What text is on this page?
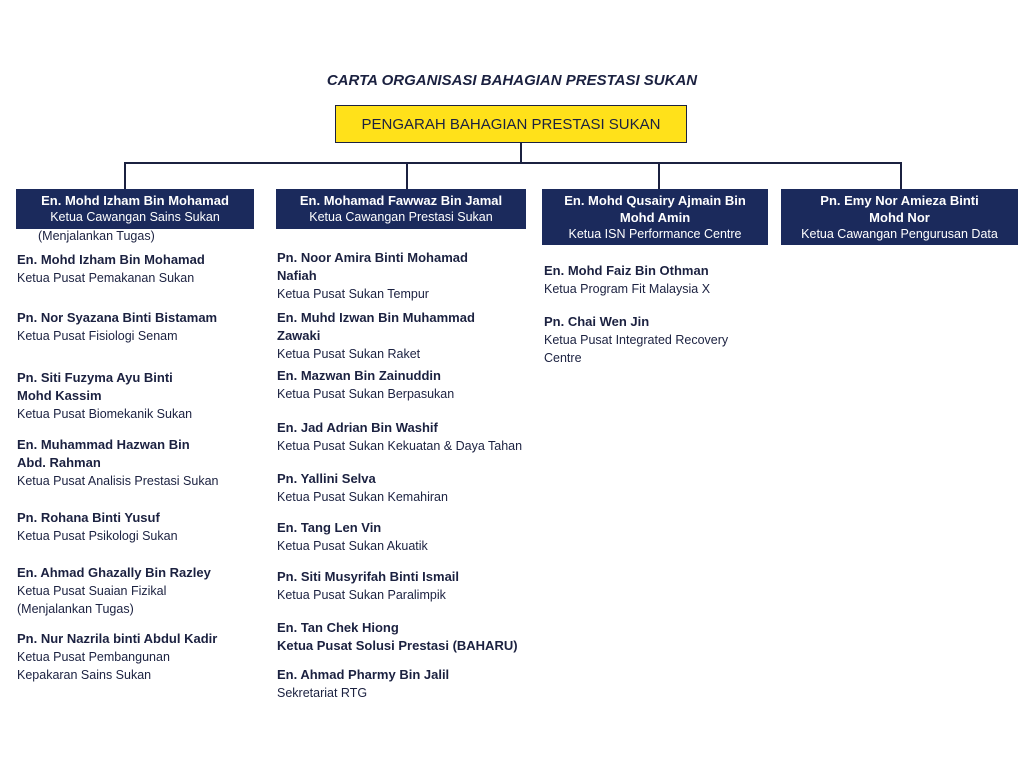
CARTA ORGANISASI BAHAGIAN PRESTASI SUKAN
PENGARAH BAHAGIAN PRESTASI SUKAN
En. Mohd Izham Bin Mohamad
Ketua Cawangan Sains Sukan
(Menjalankan Tugas)
En. Mohamad Fawwaz Bin Jamal
Ketua Cawangan Prestasi Sukan
En. Mohd Qusairy Ajmain Bin
Mohd Amin
Ketua ISN Performance Centre
Pn. Emy Nor Amieza Binti
Mohd Nor
Ketua Cawangan Pengurusan Data
En. Mohd Izham Bin Mohamad
Ketua Pusat Pemakanan Sukan
Pn. Nor Syazana Binti Bistamam
Ketua Pusat Fisiologi Senam
Pn. Siti Fuzyma Ayu Binti
Mohd Kassim
Ketua Pusat Biomekanik Sukan
En. Muhammad Hazwan Bin
Abd. Rahman
Ketua Pusat Analisis Prestasi Sukan
Pn. Rohana Binti Yusuf
Ketua Pusat Psikologi Sukan
En. Ahmad Ghazally Bin Razley
Ketua Pusat Suaian Fizikal
(Menjalankan Tugas)
Pn. Nur Nazrila binti Abdul Kadir
Ketua Pusat Pembangunan
Kepakaran Sains Sukan
Pn. Noor Amira Binti Mohamad
Nafiah
Ketua Pusat Sukan Tempur
En. Muhd Izwan Bin Muhammad
Zawaki
Ketua Pusat Sukan Raket
En. Mazwan Bin Zainuddin
Ketua Pusat Sukan Berpasukan
En. Jad Adrian Bin Washif
Ketua Pusat Sukan Kekuatan & Daya Tahan
Pn. Yallini Selva
Ketua Pusat Sukan Kemahiran
En. Tang Len Vin
Ketua Pusat Sukan Akuatik
Pn. Siti Musyrifah Binti Ismail
Ketua Pusat Sukan Paralimpik
En. Tan Chek Hiong
Ketua Pusat Solusi Prestasi (BAHARU)
En. Ahmad Pharmy Bin Jalil
Sekretariat RTG
En. Mohd Faiz Bin Othman
Ketua Program Fit Malaysia X
Pn. Chai Wen Jin
Ketua Pusat Integrated Recovery
Centre
